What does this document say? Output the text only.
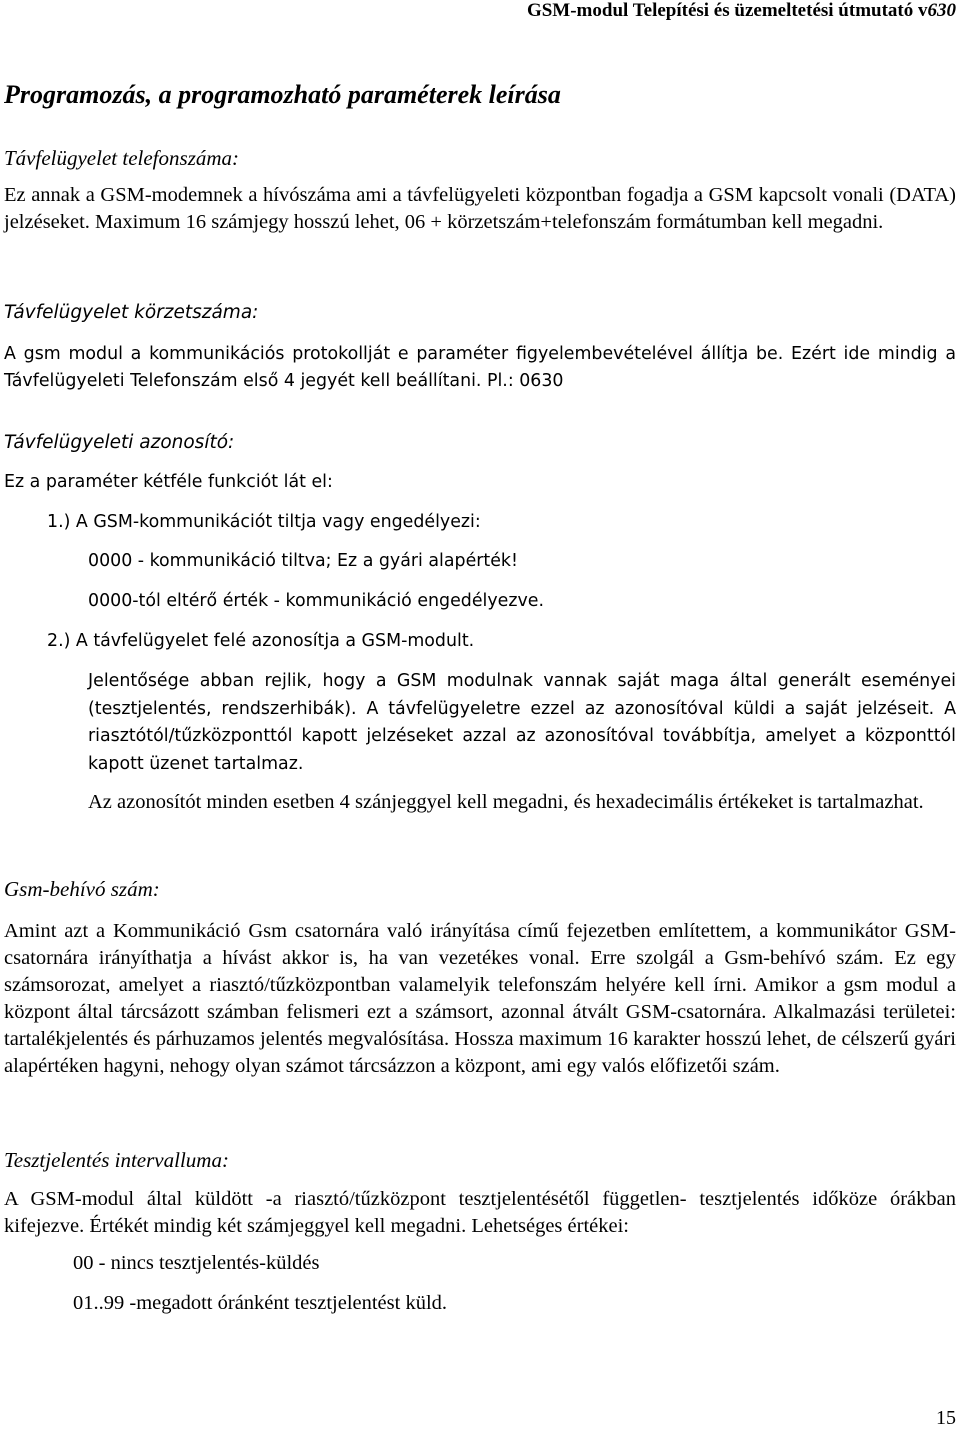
GSM-modul Telepítési és üzemeltetési útmutató v630
Programozás, a programozható paraméterek leírása
Távfelügyelet telefonszáma:
Ez annak a GSM-modemnek a hívószáma ami a távfelügyeleti központban fogadja a GSM kapcsolt vonali (DATA) jelzéseket. Maximum 16 számjegy hosszú lehet, 06 + körzetszám+telefonszám formátumban kell megadni.
Távfelügyelet körzetszáma:
A gsm modul a kommunikációs protokollját e paraméter figyelembevételével állítja be. Ezért ide mindig a Távfelügyeleti Telefonszám első 4 jegyét kell beállítani. Pl.: 0630
Távfelügyeleti azonosító:
Ez a paraméter kétféle funkciót lát el:
1.) A GSM-kommunikációt tiltja vagy engedélyezi:
0000 - kommunikáció tiltva; Ez a gyári alapérték!
0000-tól eltérő érték - kommunikáció engedélyezve.
2.) A távfelügyelet felé azonosítja a GSM-modult.
Jelentősége abban rejlik, hogy a GSM modulnak vannak saját maga által generált eseményei (tesztjelentés, rendszerhibák). A távfelügyeletre ezzel az azonosítóval küldi a saját jelzéseit. A riasztótól/tűzközponttól kapott jelzéseket azzal az azonosítóval továbbítja, amelyet a központtól kapott üzenet tartalmaz.
Az azonosítót minden esetben 4 szánjeggyel kell megadni, és hexadecimális értékeket is tartalmazhat.
Gsm-behívó szám:
Amint azt a Kommunikáció Gsm csatornára való irányítása című fejezetben említettem, a kommunikátor GSM-csatornára irányíthatja a hívást akkor is, ha van vezetékes vonal. Erre szolgál a Gsm-behívó szám. Ez egy számsorozat, amelyet a riasztó/tűzközpontban valamelyik telefonszám helyére kell írni. Amikor a gsm modul a központ által tárcsázott számban felismeri ezt a számsort, azonnal átvált GSM-csatornára. Alkalmazási területei: tartalékjelentés és párhuzamos jelentés megvalósítása. Hossza maximum 16 karakter hosszú lehet, de célszerű gyári alapértéken hagyni, nehogy olyan számot tárcsázzon a központ, ami egy valós előfizetői szám.
Tesztjelentés intervalluma:
A GSM-modul által küldött -a riasztó/tűzközpont tesztjelentésétől független- tesztjelentés időköze órákban kifejezve. Értékét mindig két számjeggyel kell megadni. Lehetséges értékei:
00 - nincs tesztjelentés-küldés
01..99 -megadott óránként tesztjelentést küld.
15
